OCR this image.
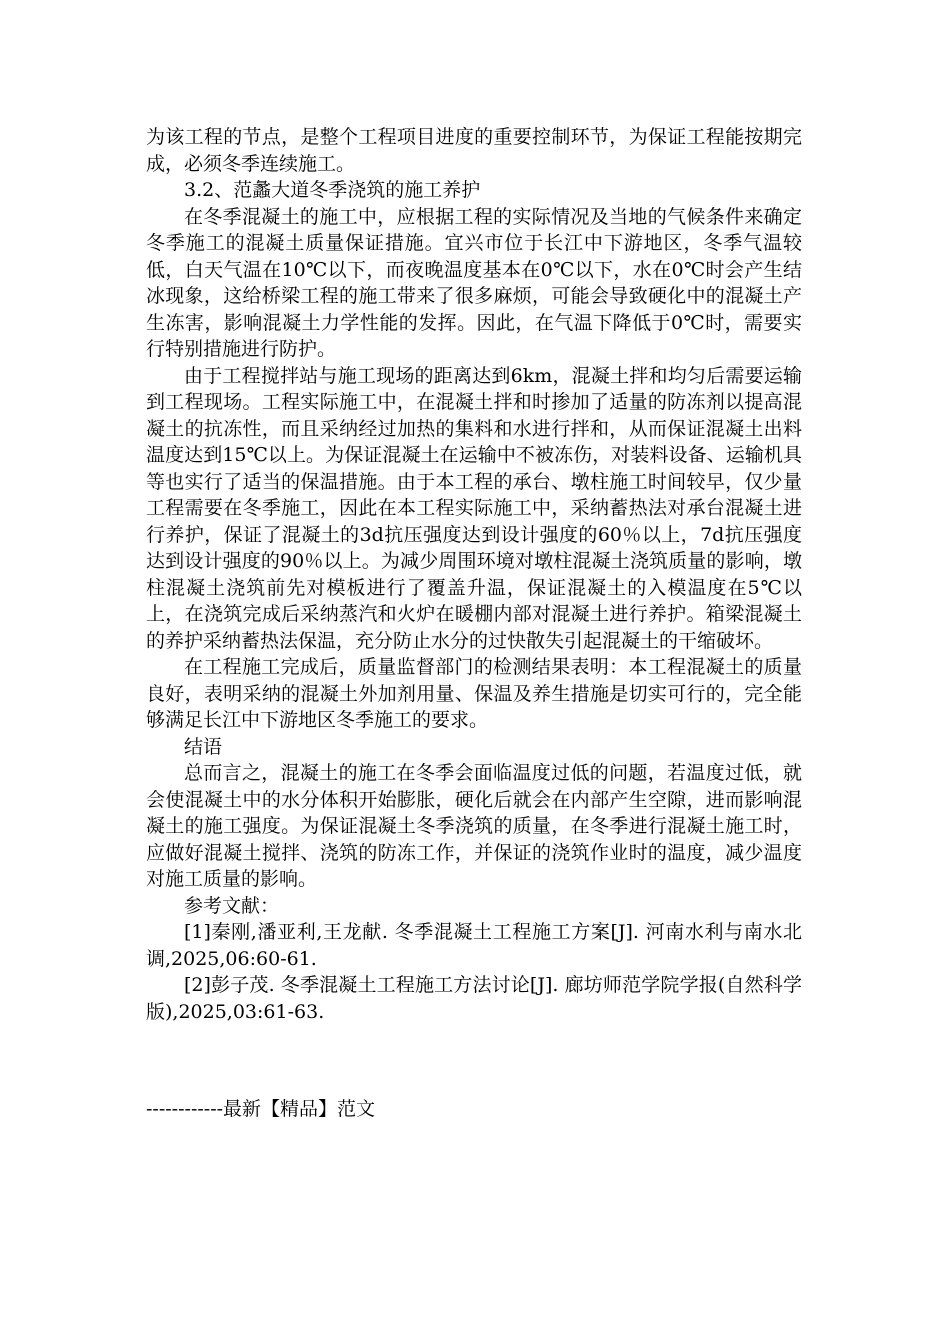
为该工程的节点，是整个工程项目进度的重要控制环节，为保证工程能按期完成，必须冬季连续施工。

3.2、范蠡大道冬季浇筑的施工养护

在冬季混凝土的施工中，应根据工程的实际情况及当地的气候条件来确定冬季施工的混凝土质量保证措施。宜兴市位于长江中下游地区，冬季气温较低，白天气温在10℃以下，而夜晚温度基本在0℃以下，水在0℃时会产生结冰现象，这给桥梁工程的施工带来了很多麻烦，可能会导致硬化中的混凝土产生冻害，影响混凝土力学性能的发挥。因此，在气温下降低于0℃时，需要实行特别措施进行防护。

由于工程搅拌站与施工现场的距离达到6km，混凝土拌和均匀后需要运输到工程现场。工程实际施工中，在混凝土拌和时掺加了适量的防冻剂以提高混凝土的抗冻性，而且采纳经过加热的集料和水进行拌和，从而保证混凝土出料温度达到15℃以上。为保证混凝土在运输中不被冻伤，对装料设备、运输机具等也实行了适当的保温措施。由于本工程的承台、墩柱施工时间较早，仅少量工程需要在冬季施工，因此在本工程实际施工中，采纳蓄热法对承台混凝土进行养护，保证了混凝土的3d抗压强度达到设计强度的60％以上，7d抗压强度达到设计强度的90％以上。为减少周围环境对墩柱混凝土浇筑质量的影响，墩柱混凝土浇筑前先对模板进行了覆盖升温，保证混凝土的入模温度在5℃以上，在浇筑完成后采纳蒸汽和火炉在暖棚内部对混凝土进行养护。箱梁混凝土的养护采纳蓄热法保温，充分防止水分的过快散失引起混凝土的干缩破坏。

在工程施工完成后，质量监督部门的检测结果表明：本工程混凝土的质量良好，表明采纳的混凝土外加剂用量、保温及养生措施是切实可行的，完全能够满足长江中下游地区冬季施工的要求。

结语

总而言之，混凝土的施工在冬季会面临温度过低的问题，若温度过低，就会使混凝土中的水分体积开始膨胀，硬化后就会在内部产生空隙，进而影响混凝土的施工强度。为保证混凝土冬季浇筑的质量，在冬季进行混凝土施工时，应做好混凝土搅拌、浇筑的防冻工作，并保证的浇筑作业时的温度，减少温度对施工质量的影响。

参考文献：

[1]秦刚,潘亚利,王龙献. 冬季混凝土工程施工方案[J]. 河南水利与南水北调,2025,06:60-61.

[2]彭子茂. 冬季混凝土工程施工方法讨论[J]. 廊坊师范学院学报(自然科学版),2025,03:61-63.

------------最新【精品】范文
